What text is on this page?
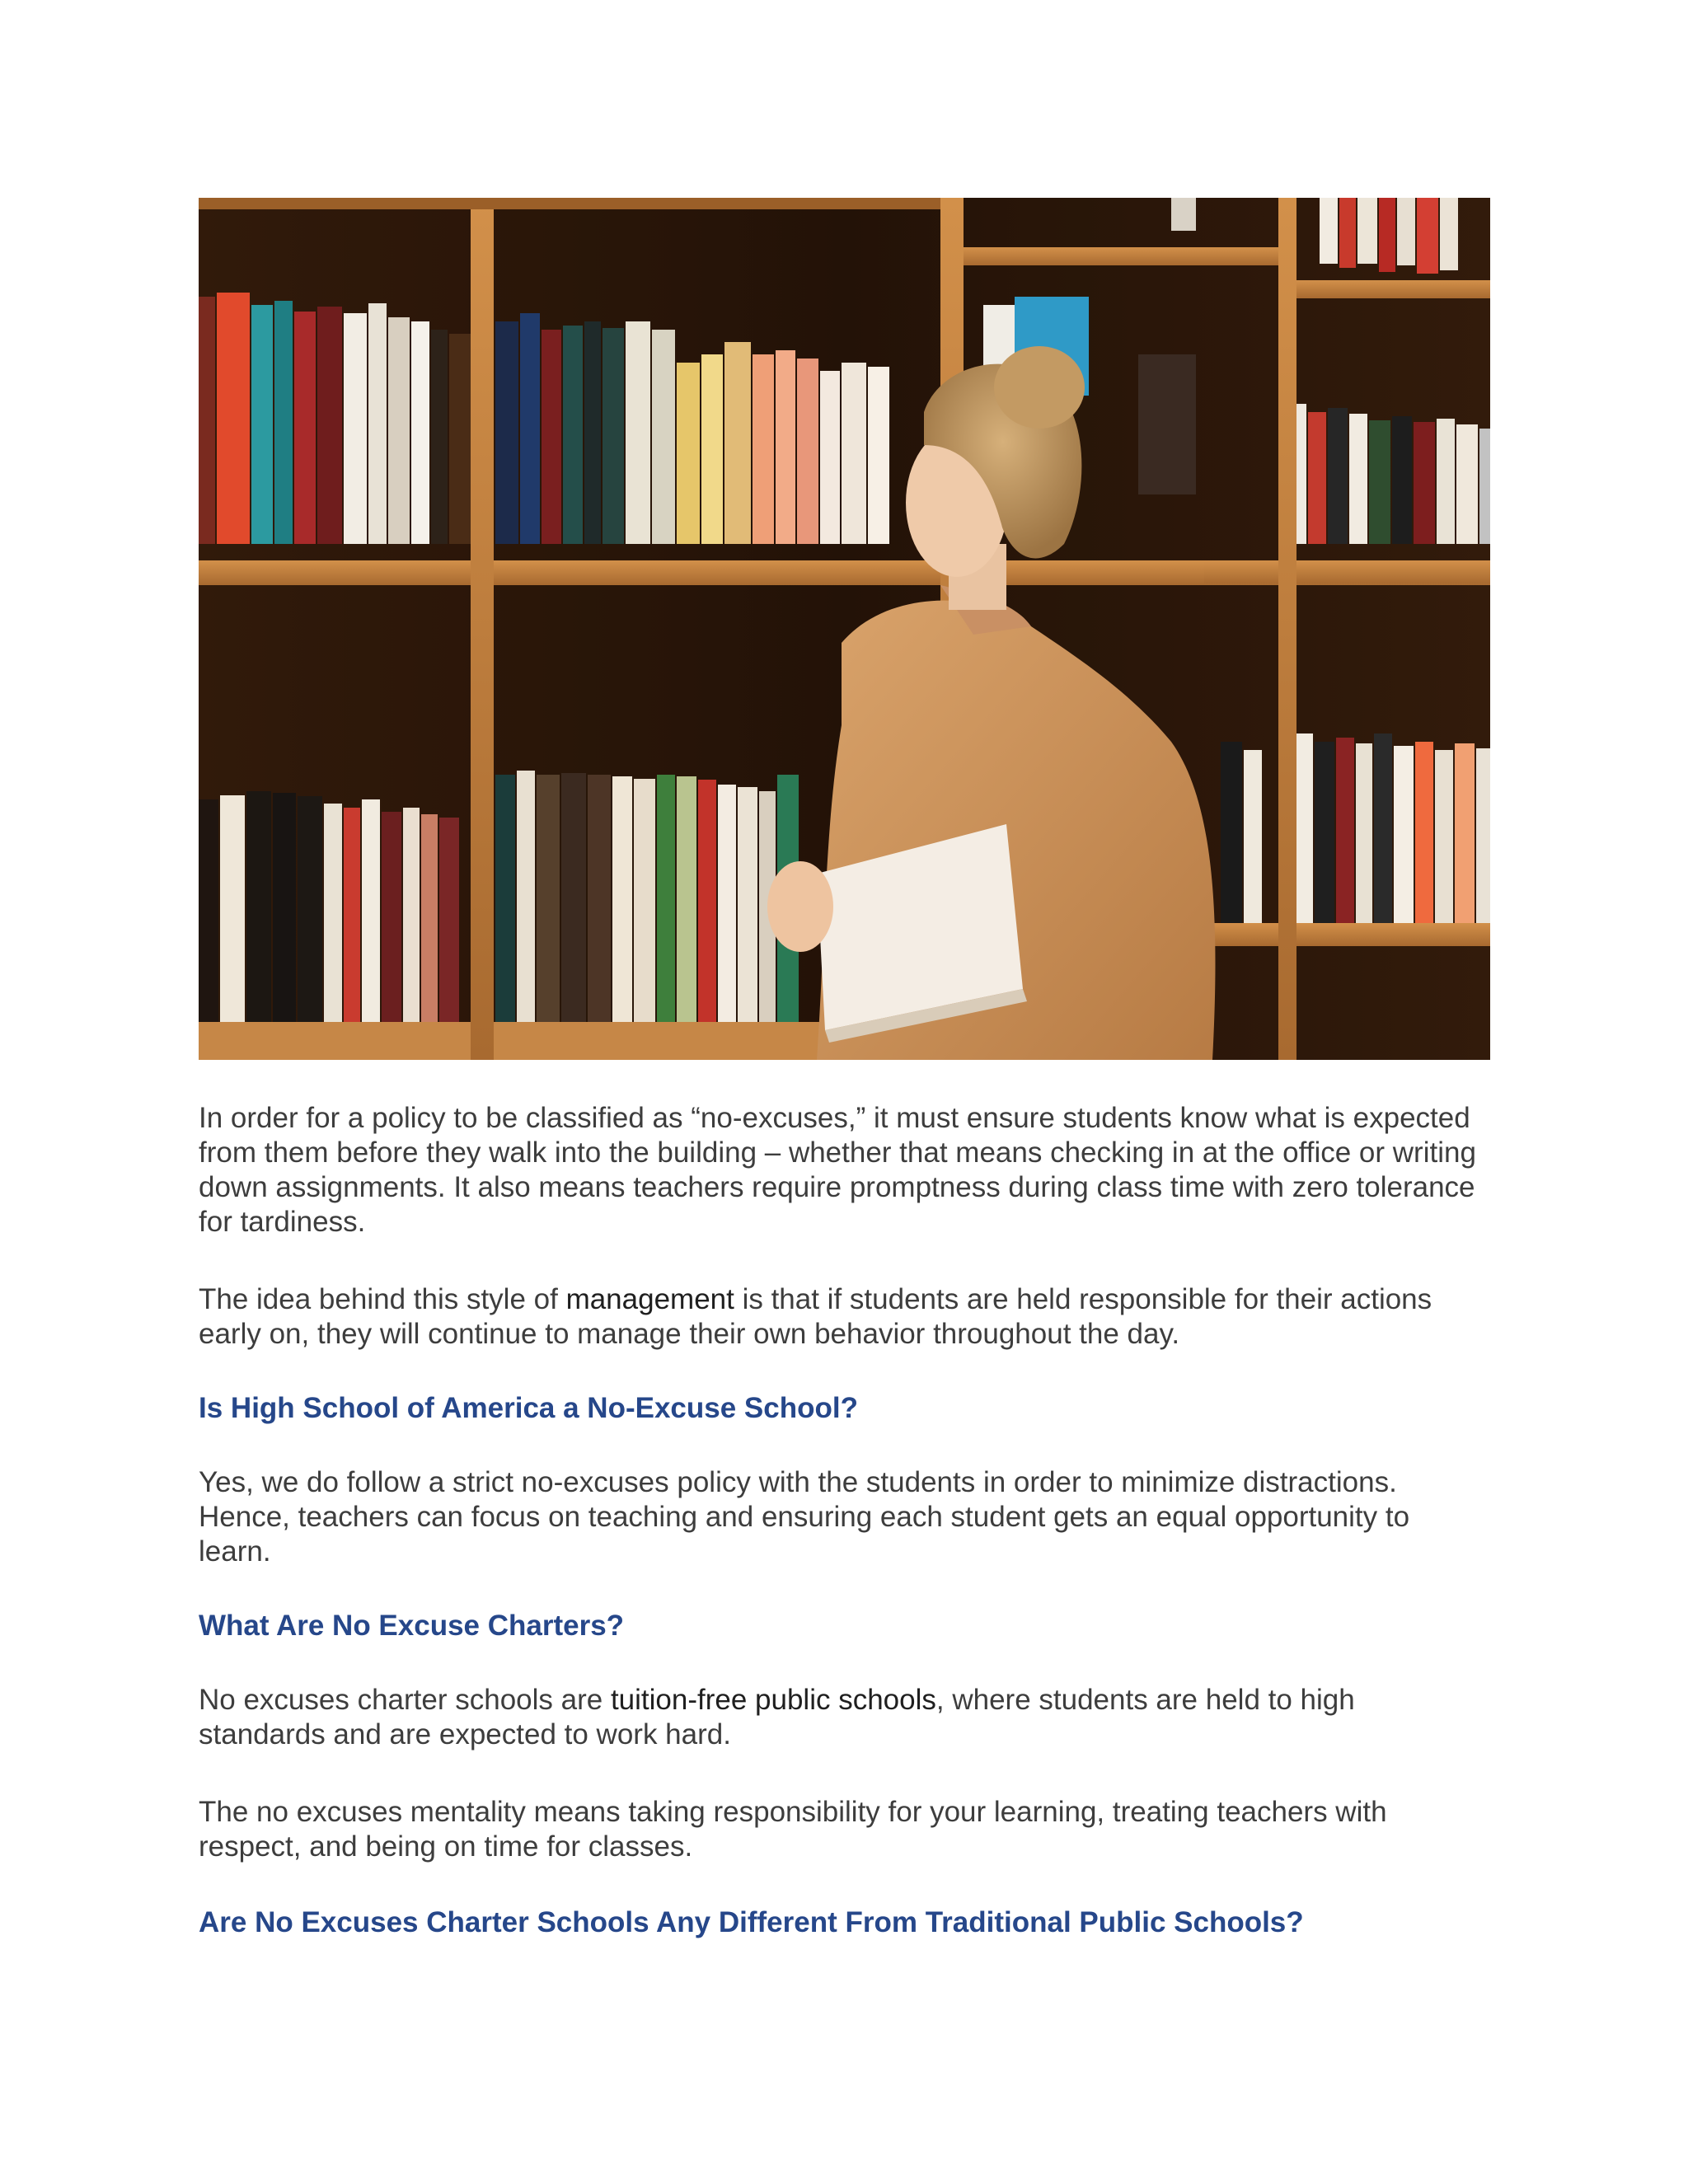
In order for a policy to be classified as “no-excuses,” it must ensure students know what is expected from them before they walk into the building – whether that means checking in at the office or writing down assignments. It also means teachers require promptness during class time with zero tolerance for tardiness.

The idea behind this style of management is that if students are held responsible for their actions early on, they will continue to manage their own behavior throughout the day.

Is High School of America a No-Excuse School?

Yes, we do follow a strict no-excuses policy with the students in order to minimize distractions. Hence, teachers can focus on teaching and ensuring each student gets an equal opportunity to learn.

What Are No Excuse Charters?

No excuses charter schools are tuition-free public schools, where students are held to high standards and are expected to work hard.

The no excuses mentality means taking responsibility for your learning, treating teachers with respect, and being on time for classes.

Are No Excuses Charter Schools Any Different From Traditional Public Schools?
